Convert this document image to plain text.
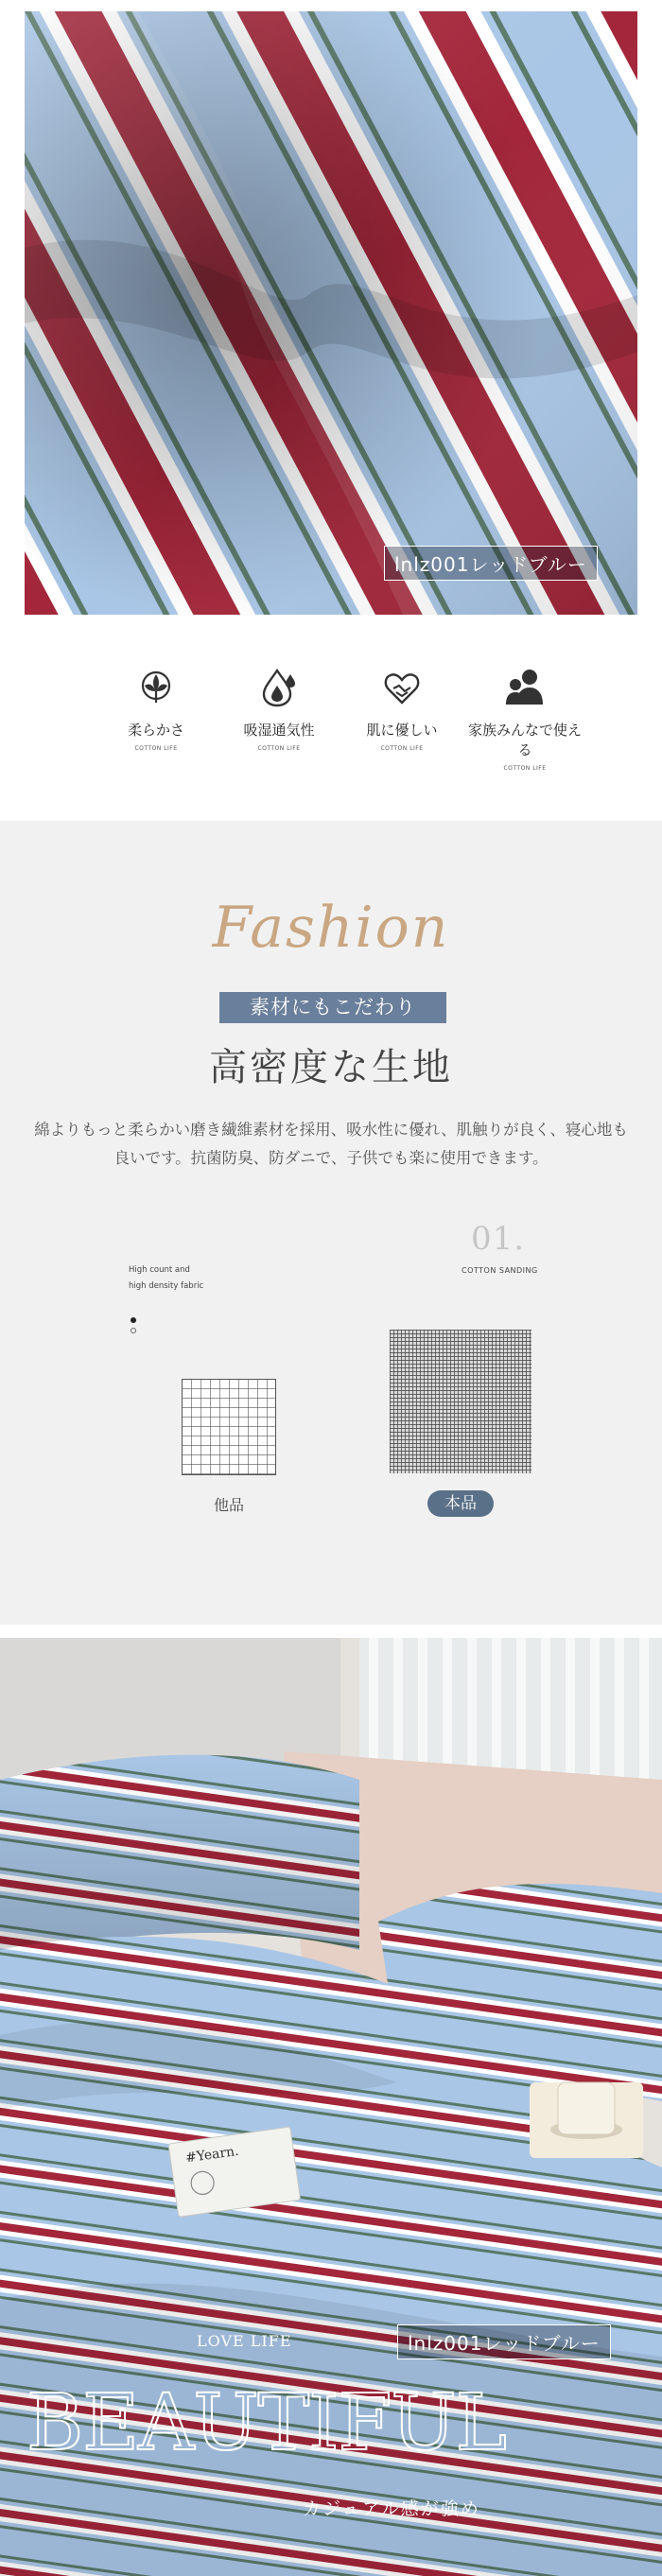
lnlz001レッドブルー
柔らかさ
COTTON LIFE
吸湿通気性
COTTON LIFE
肌に優しい
COTTON LIFE
家族みんなで使える
COTTON LIFE
Fashion
素材にもこだわり
高密度な生地
綿よりもっと柔らかい磨き繊維素材を採用、吸水性に優れ、肌触りが良く、寝心地も良いです。抗菌防臭、防ダニで、子供でも楽に使用できます。
01.
COTTON SANDING
High count and
high density fabric
他品	本品
#Yearn.
LOVE LIFE	lnlz001レッドブルー
BEAUTIFUL
カジュアル感が強め
